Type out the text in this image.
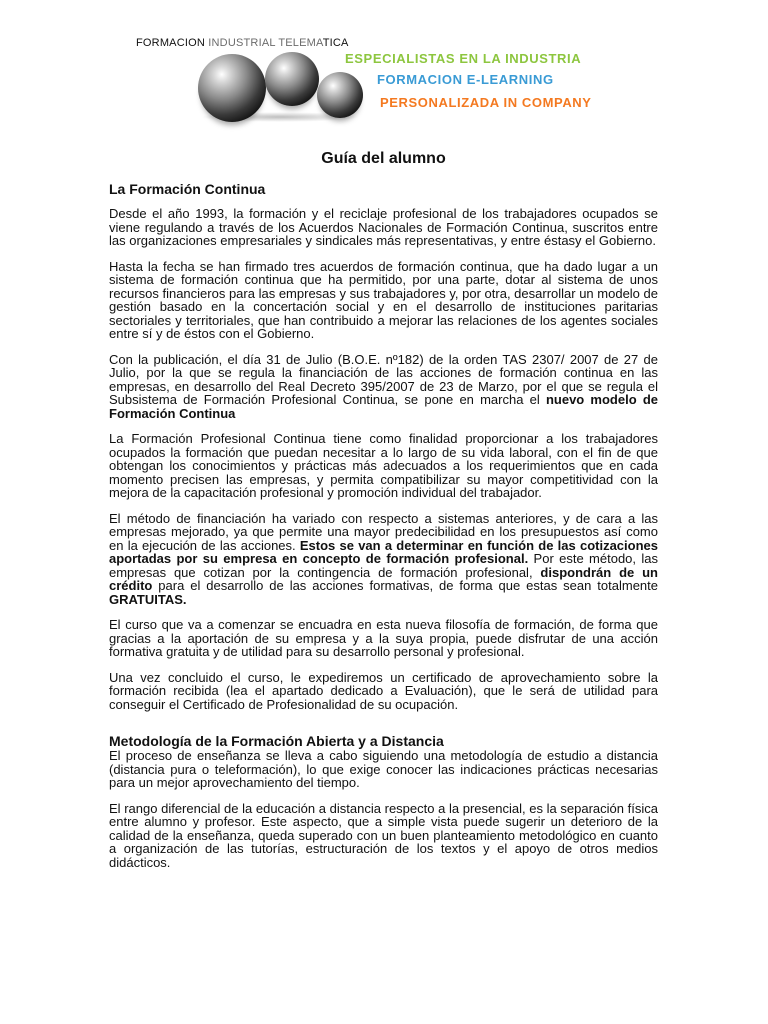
FORMACION INDUSTRIAL TELEMATICA
ESPECIALISTAS EN LA INDUSTRIA
FORMACION E-LEARNING
PERSONALIZADA IN COMPANY
Guía del alumno
La Formación Continua

Desde el año 1993, la formación y el reciclaje profesional de los trabajadores ocupados se viene regulando a través de los Acuerdos Nacionales de Formación Continua, suscritos entre las organizaciones empresariales y sindicales más representativas, y entre éstasy el Gobierno.

Hasta la fecha se han firmado tres acuerdos de formación continua, que ha dado lugar a un sistema de formación continua que ha permitido, por una parte, dotar al sistema de unos recursos financieros para las empresas y sus trabajadores y, por otra, desarrollar un modelo de gestión basado en la concertación social y en el desarrollo de instituciones paritarias sectoriales y territoriales, que han contribuido a mejorar las relaciones de los agentes sociales entre sí y de éstos con el Gobierno.

Con la publicación, el día 31 de Julio (B.O.E. nº182) de la orden TAS 2307/ 2007 de 27 de Julio, por la que se regula la financiación de las acciones de formación continua en las empresas, en desarrollo del Real Decreto 395/2007 de 23 de Marzo, por el que se regula el Subsistema de Formación Profesional Continua, se pone en marcha el nuevo modelo de Formación Continua

La Formación Profesional Continua tiene como finalidad proporcionar a los trabajadores ocupados la formación que puedan necesitar a lo largo de su vida laboral, con el fin de que obtengan los conocimientos y prácticas más adecuados a los requerimientos que en cada momento precisen las empresas, y permita compatibilizar su mayor competitividad con la mejora de la capacitación profesional y promoción individual del trabajador.

El método de financiación ha variado con respecto a sistemas anteriores, y de cara a las empresas mejorado, ya que permite una mayor predecibilidad en los presupuestos así como en la ejecución de las acciones. Estos se van a determinar en función de las cotizaciones aportadas por su empresa en concepto de formación profesional. Por este método, las empresas que cotizan por la contingencia de formación profesional, dispondrán de un crédito para el desarrollo de las acciones formativas, de forma que estas sean totalmente GRATUITAS.

El curso que va a comenzar se encuadra en esta nueva filosofía de formación, de forma que gracias a la aportación de su empresa y a la suya propia, puede disfrutar de una acción formativa gratuita y de utilidad para su desarrollo personal y profesional.

Una vez concluido el curso, le expediremos un certificado de aprovechamiento sobre la formación recibida (lea el apartado dedicado a Evaluación), que le será de utilidad para conseguir el Certificado de Profesionalidad de su ocupación.

Metodología de la Formación Abierta y a Distancia

El proceso de enseñanza se lleva a cabo siguiendo una metodología de estudio a distancia (distancia pura o teleformación), lo que exige conocer las indicaciones prácticas necesarias para un mejor aprovechamiento del tiempo.

El rango diferencial de la educación a distancia respecto a la presencial, es la separación física entre alumno y profesor. Este aspecto, que a simple vista puede sugerir un deterioro de la calidad de la enseñanza, queda superado con un buen planteamiento metodológico en cuanto a organización de las tutorías, estructuración de los textos y el apoyo de otros medios didácticos.
